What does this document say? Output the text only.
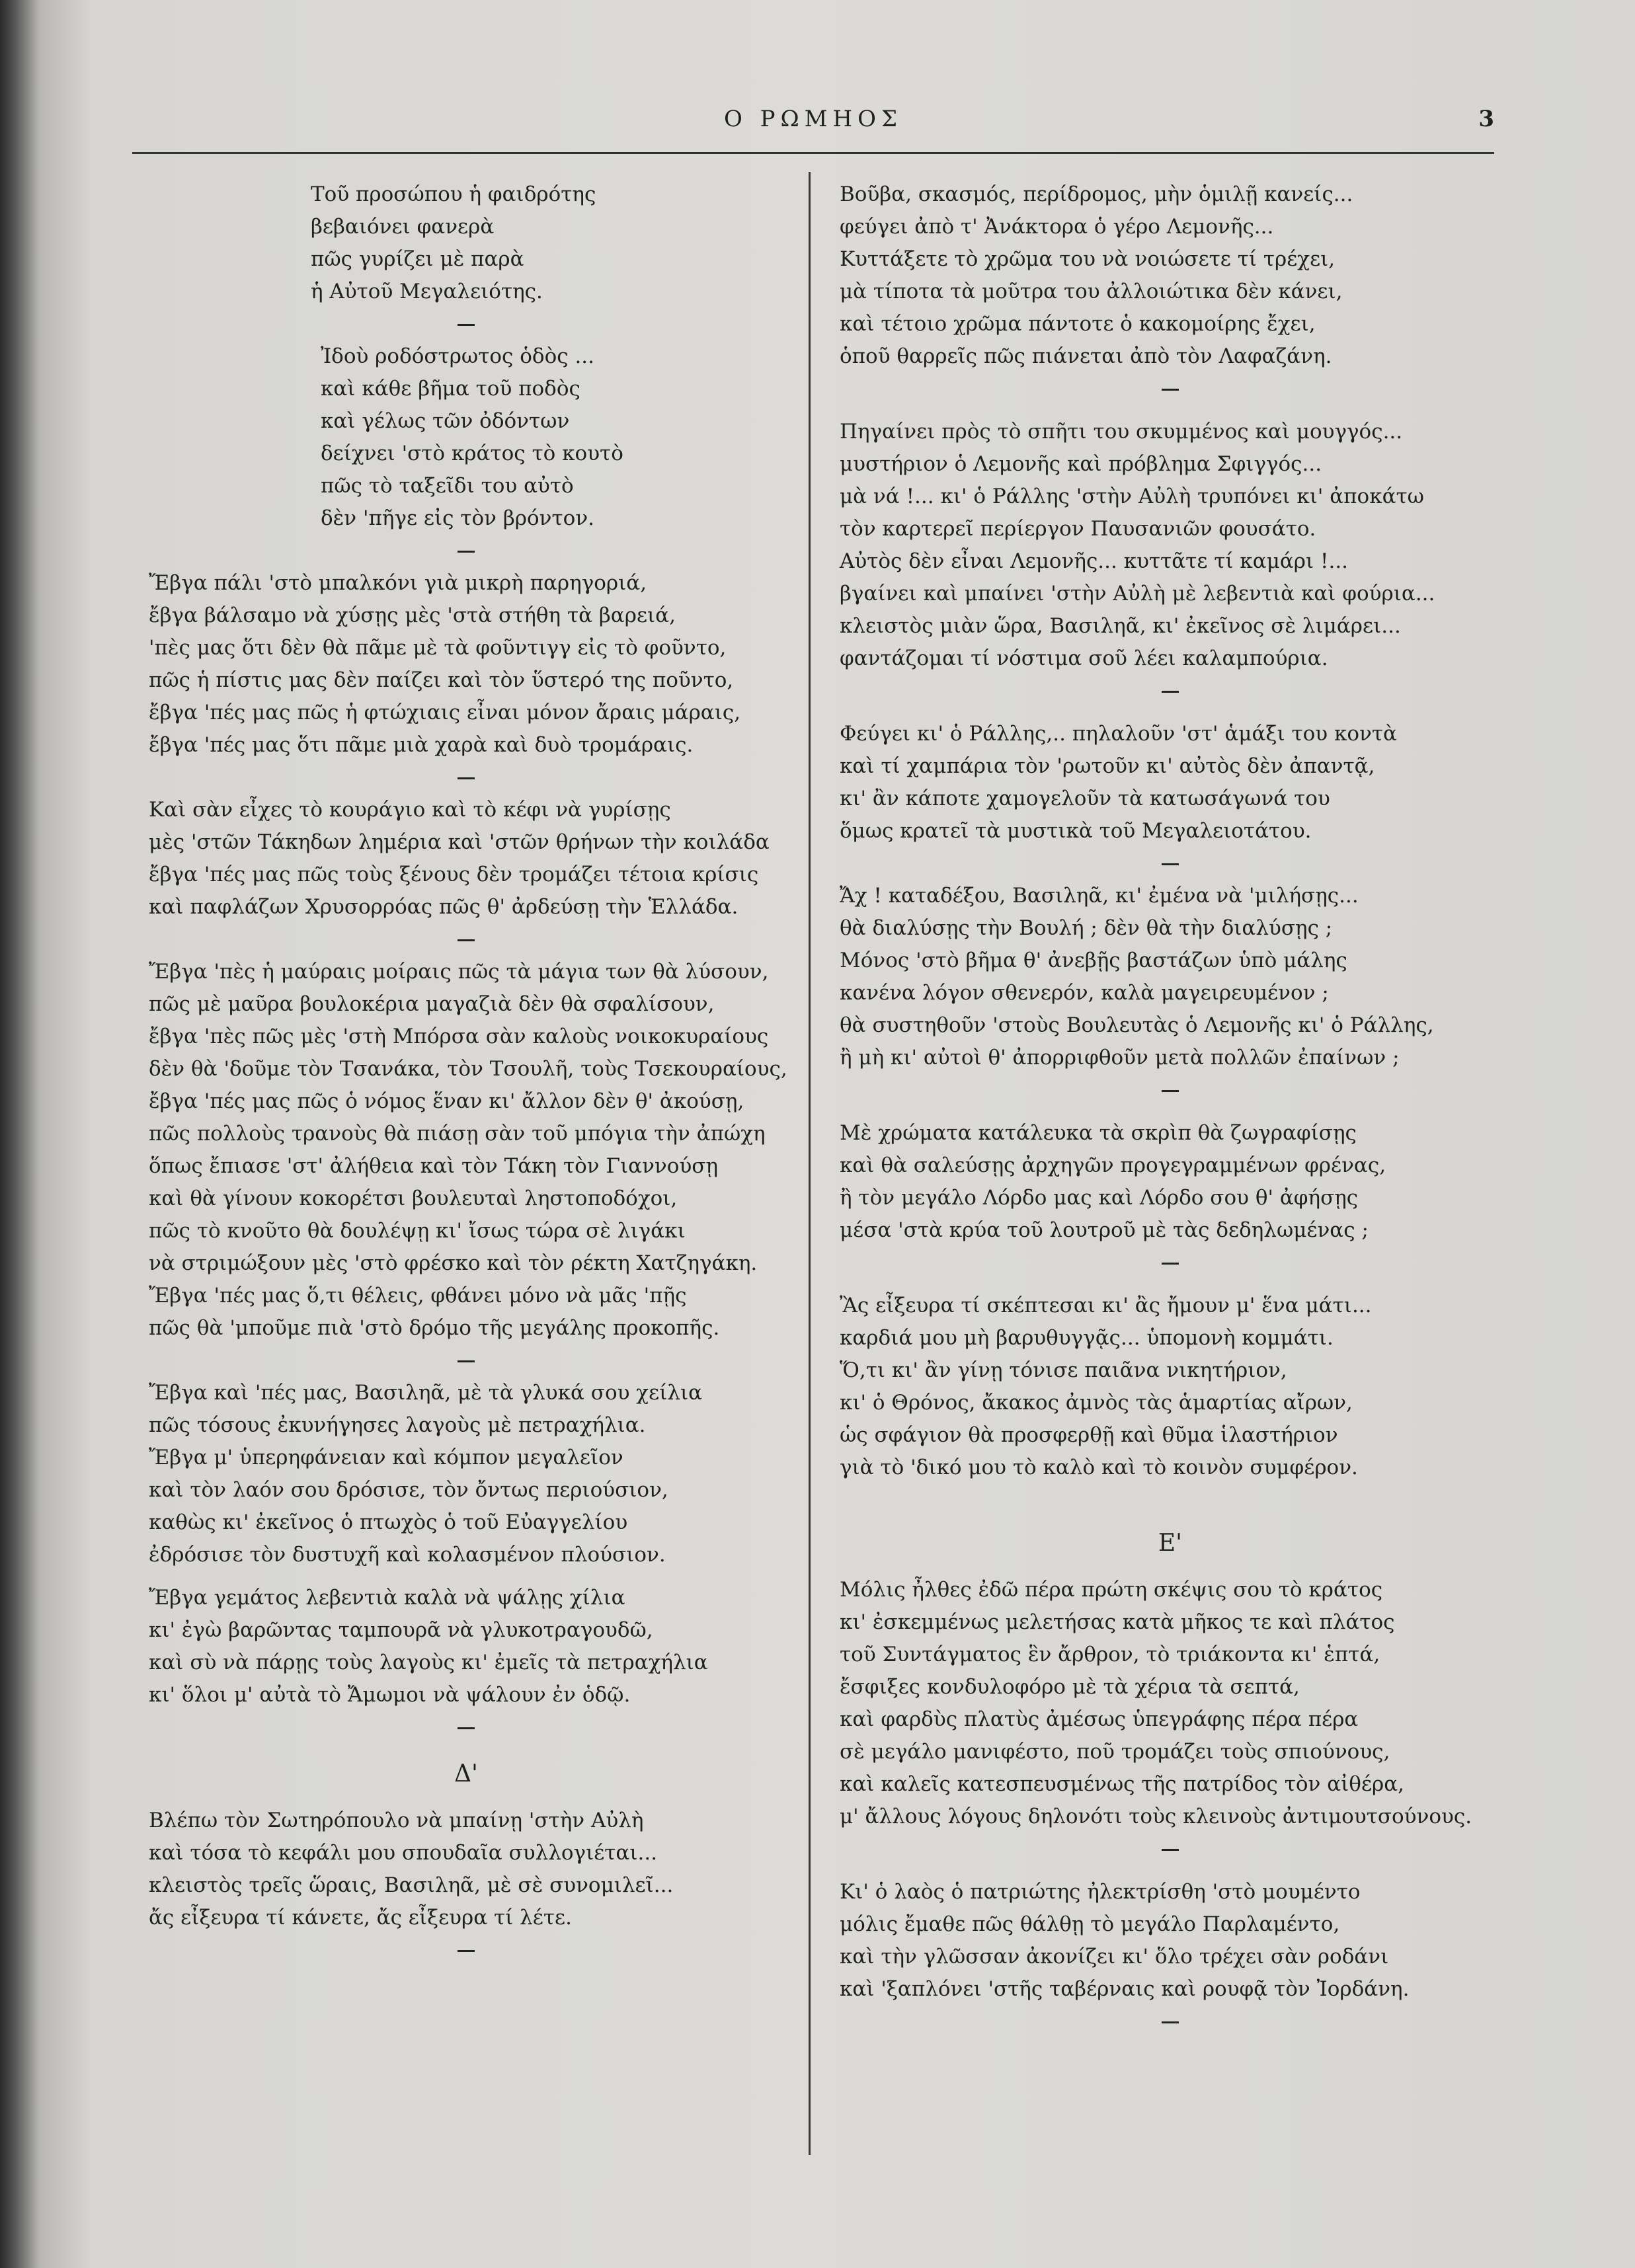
Ο ΡΩΜΗΟΣ	3
Τοῦ προσώπου ἡ φαιδρότης
βεβαιόνει φανερὰ
πῶς γυρίζει μὲ παρὰ
ἡ Αὐτοῦ Μεγαλειότης.
Ἰδοὺ ροδόστρωτος ὁδὸς ...
καὶ κάθε βῆμα τοῦ ποδὸς
καὶ γέλως τῶν ὀδόντων
δείχνει 'στὸ κράτος τὸ κουτὸ
πῶς τὸ ταξεῖδι του αὐτὸ
δὲν 'πῆγε εἰς τὸν βρόντον.
Ἔβγα πάλι 'στὸ μπαλκόνι γιὰ μικρὴ παρηγοριά,
ἔβγα βάλσαμο νὰ χύσῃς μὲς 'στὰ στήθη τὰ βαρειά,
'πὲς μας ὅτι δὲν θὰ πᾶμε μὲ τὰ φοῦντιγγ εἰς τὸ φοῦντο,
πῶς ἡ πίστις μας δὲν παίζει καὶ τὸν ὕστερό της ποῦντο,
ἔβγα 'πές μας πῶς ἡ φτώχιαις εἶναι μόνον ἄραις μάραις,
ἔβγα 'πές μας ὅτι πᾶμε μιὰ χαρὰ καὶ δυὸ τρομάραις.
Καὶ σὰν εἶχες τὸ κουράγιο καὶ τὸ κέφι νὰ γυρίσῃς
μὲς 'στῶν Τάκηδων λημέρια καὶ 'στῶν θρήνων τὴν κοιλάδα
ἔβγα 'πές μας πῶς τοὺς ξένους δὲν τρομάζει τέτοια κρίσις
καὶ παφλάζων Χρυσορρόας πῶς θ' ἀρδεύσῃ τὴν Ἑλλάδα.
Ἔβγα 'πὲς ἡ μαύραις μοίραις πῶς τὰ μάγια των θὰ λύσουν,
πῶς μὲ μαῦρα βουλοκέρια μαγαζιὰ δὲν θὰ σφαλίσουν,
ἔβγα 'πὲς πῶς μὲς 'στὴ Μπόρσα σὰν καλοὺς νοικοκυραίους
δὲν θὰ 'δοῦμε τὸν Τσανάκα, τὸν Τσουλῆ, τοὺς Τσεκουραίους,
ἔβγα 'πές μας πῶς ὁ νόμος ἕναν κι' ἄλλον δὲν θ' ἀκούσῃ,
πῶς πολλοὺς τρανοὺς θὰ πιάσῃ σὰν τοῦ μπόγια τὴν ἀπώχη
ὅπως ἔπιασε 'στ' ἀλήθεια καὶ τὸν Τάκη τὸν Γιαννούσῃ
καὶ θὰ γίνουν κοκορέτσι βουλευταὶ ληστοποδόχοι,
πῶς τὸ κνοῦτο θὰ δουλέψῃ κι' ἴσως τώρα σὲ λιγάκι
νὰ στριμώξουν μὲς 'στὸ φρέσκο καὶ τὸν ρέκτη Χατζηγάκη.
Ἔβγα 'πές μας ὅ,τι θέλεις, φθάνει μόνο νὰ μᾶς 'πῇς
πῶς θὰ 'μποῦμε πιὰ 'στὸ δρόμο τῆς μεγάλης προκοπῆς.
Ἔβγα καὶ 'πές μας, Βασιληᾶ, μὲ τὰ γλυκά σου χείλια
πῶς τόσους ἐκυνήγησες λαγοὺς μὲ πετραχήλια.
Ἔβγα μ' ὑπερηφάνειαν καὶ κόμπον μεγαλεῖον
καὶ τὸν λαόν σου δρόσισε, τὸν ὄντως περιούσιον,
καθὼς κι' ἐκεῖνος ὁ πτωχὸς ὁ τοῦ Εὐαγγελίου
ἐδρόσισε τὸν δυστυχῆ καὶ κολασμένον πλούσιον.
Ἔβγα γεμάτος λεβεντιὰ καλὰ νὰ ψάλῃς χίλια
κι' ἐγὼ βαρῶντας ταμπουρᾶ νὰ γλυκοτραγουδῶ,
καὶ σὺ νὰ πάρῃς τοὺς λαγοὺς κι' ἐμεῖς τὰ πετραχήλια
κι' ὅλοι μ' αὐτὰ τὸ Ἄμωμοι νὰ ψάλουν ἐν ὁδῷ.
Δ'
Βλέπω τὸν Σωτηρόπουλο νὰ μπαίνῃ 'στὴν Αὐλὴ
καὶ τόσα τὸ κεφάλι μου σπουδαῖα συλλογιέται...
κλειστὸς τρεῖς ὥραις, Βασιληᾶ, μὲ σὲ συνομιλεῖ...
ἄς εἶξευρα τί κάνετε, ἄς εἶξευρα τί λέτε.
Βοῦβα, σκασμός, περίδρομος, μὴν ὁμιλῇ κανείς...
φεύγει ἀπὸ τ' Ἀνάκτορα ὁ γέρο Λεμονῆς...
Κυττάξετε τὸ χρῶμα του νὰ νοιώσετε τί τρέχει,
μὰ τίποτα τὰ μοῦτρα του ἀλλοιώτικα δὲν κάνει,
καὶ τέτοιο χρῶμα πάντοτε ὁ κακομοίρης ἔχει,
ὁποῦ θαρρεῖς πῶς πιάνεται ἀπὸ τὸν Λαφαζάνη.
Πηγαίνει πρὸς τὸ σπῆτι του σκυμμένος καὶ μουγγός...
μυστήριον ὁ Λεμονῆς καὶ πρόβλημα Σφιγγός...
μὰ νά !... κι' ὁ Ράλλης 'στὴν Αὐλὴ τρυπόνει κι' ἀποκάτω
τὸν καρτερεῖ περίεργον Παυσανιῶν φουσάτο.
Αὐτὸς δὲν εἶναι Λεμονῆς... κυττᾶτε τί καμάρι !...
βγαίνει καὶ μπαίνει 'στὴν Αὐλὴ μὲ λεβεντιὰ καὶ φούρια...
κλειστὸς μιὰν ὥρα, Βασιληᾶ, κι' ἐκεῖνος σὲ λιμάρει...
φαντάζομαι τί νόστιμα σοῦ λέει καλαμπούρια.
Φεύγει κι' ὁ Ράλλης,.. πηλαλοῦν 'στ' ἁμάξι του κοντὰ
καὶ τί χαμπάρια τὸν 'ρωτοῦν κι' αὐτὸς δὲν ἀπαντᾷ,
κι' ἂν κάποτε χαμογελοῦν τὰ κατωσάγωνά του
ὅμως κρατεῖ τὰ μυστικὰ τοῦ Μεγαλειοτάτου.
Ἄχ ! καταδέξου, Βασιληᾶ, κι' ἐμένα νὰ 'μιλήσῃς...
θὰ διαλύσῃς τὴν Βουλή ; δὲν θὰ τὴν διαλύσῃς ;
Μόνος 'στὸ βῆμα θ' ἀνεβῇς βαστάζων ὑπὸ μάλης
κανένα λόγον σθενερόν, καλὰ μαγειρευμένον ;
θὰ συστηθοῦν 'στοὺς Βουλευτὰς ὁ Λεμονῆς κι' ὁ Ράλλης,
ἢ μὴ κι' αὐτοὶ θ' ἀπορριφθοῦν μετὰ πολλῶν ἐπαίνων ;
Μὲ χρώματα κατάλευκα τὰ σκρὶπ θὰ ζωγραφίσῃς
καὶ θὰ σαλεύσῃς ἀρχηγῶν προγεγραμμένων φρένας,
ἢ τὸν μεγάλο Λόρδο μας καὶ Λόρδο σου θ' ἀφήσῃς
μέσα 'στὰ κρύα τοῦ λουτροῦ μὲ τὰς δεδηλωμένας ;
Ἂς εἶξευρα τί σκέπτεσαι κι' ἂς ἤμουν μ' ἕνα μάτι...
καρδιά μου μὴ βαρυθυγγᾷς... ὑπομονὴ κομμάτι.
Ὅ,τι κι' ἂν γίνῃ τόνισε παιᾶνα νικητήριον,
κι' ὁ Θρόνος, ἄκακος ἀμνὸς τὰς ἁμαρτίας αἴρων,
ὡς σφάγιον θὰ προσφερθῇ καὶ θῦμα ἱλαστήριον
γιὰ τὸ 'δικό μου τὸ καλὸ καὶ τὸ κοινὸν συμφέρον.
Ε'
Μόλις ἦλθες ἐδῶ πέρα πρώτη σκέψις σου τὸ κράτος
κι' ἐσκεμμένως μελετήσας κατὰ μῆκος τε καὶ πλάτος
τοῦ Συντάγματος ἓν ἄρθρον, τὸ τριάκοντα κι' ἑπτά,
ἔσφιξες κονδυλοφόρο μὲ τὰ χέρια τὰ σεπτά,
καὶ φαρδὺς πλατὺς ἀμέσως ὑπεγράφης πέρα πέρα
σὲ μεγάλο μανιφέστο, ποῦ τρομάζει τοὺς σπιούνους,
καὶ καλεῖς κατεσπευσμένως τῆς πατρίδος τὸν αἰθέρα,
μ' ἄλλους λόγους δηλονότι τοὺς κλεινοὺς ἀντιμουτσούνους.
Κι' ὁ λαὸς ὁ πατριώτης ἠλεκτρίσθη 'στὸ μουμέντο
μόλις ἔμαθε πῶς θάλθῃ τὸ μεγάλο Παρλαμέντο,
καὶ τὴν γλῶσσαν ἀκονίζει κι' ὅλο τρέχει σὰν ροδάνι
καὶ 'ξαπλόνει 'στῆς ταβέρναις καὶ ρουφᾷ τὸν Ἰορδάνη.
